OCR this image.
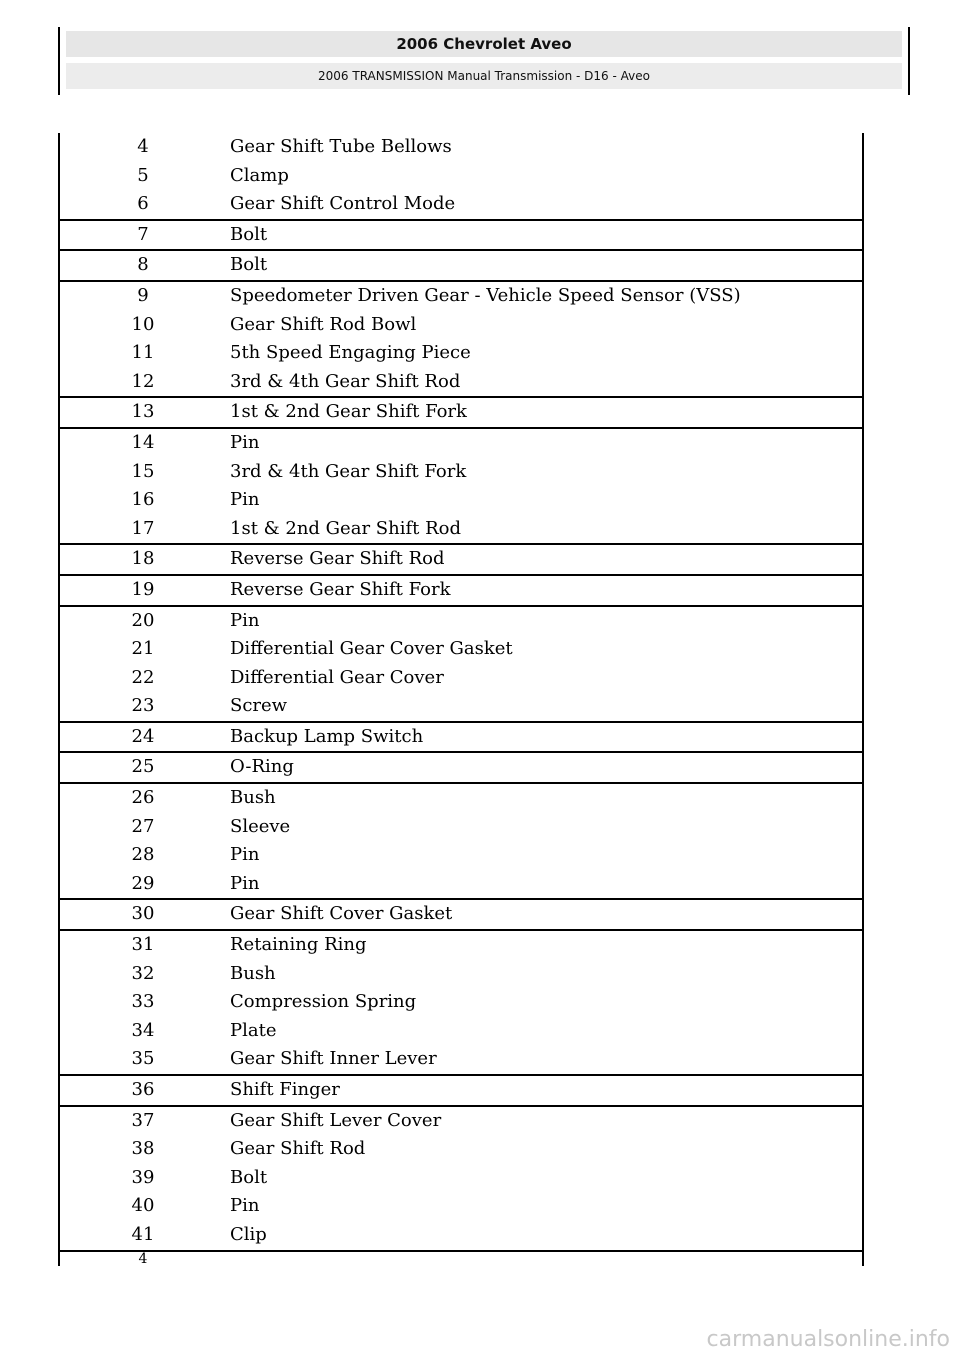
2006 Chevrolet Aveo
2006 TRANSMISSION Manual Transmission - D16 - Aveo
4	Gear Shift Tube Bellows
5	Clamp
6	Gear Shift Control Mode
7	Bolt
8	Bolt
9	Speedometer Driven Gear - Vehicle Speed Sensor (VSS)
10	Gear Shift Rod Bowl
11	5th Speed Engaging Piece
12	3rd & 4th Gear Shift Rod
13	1st & 2nd Gear Shift Fork
14	Pin
15	3rd & 4th Gear Shift Fork
16	Pin
17	1st & 2nd Gear Shift Rod
18	Reverse Gear Shift Rod
19	Reverse Gear Shift Fork
20	Pin
21	Differential Gear Cover Gasket
22	Differential Gear Cover
23	Screw
24	Backup Lamp Switch
25	O-Ring
26	Bush
27	Sleeve
28	Pin
29	Pin
30	Gear Shift Cover Gasket
31	Retaining Ring
32	Bush
33	Compression Spring
34	Plate
35	Gear Shift Inner Lever
36	Shift Finger
37	Gear Shift Lever Cover
38	Gear Shift Rod
39	Bolt
40	Pin
41	Clip
4
carmanualsonline.info
